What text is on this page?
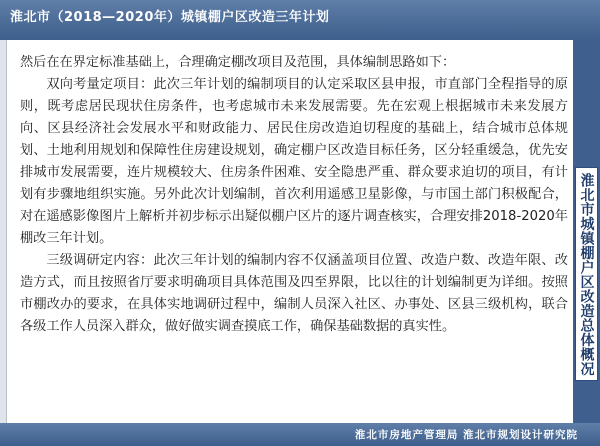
淮北市（2018—2020年）城镇棚户区改造三年计划

然后在在界定标准基础上，合理确定棚改项目及范围，具体编制思路如下：

双向考量定项目：此次三年计划的编制项目的认定采取区县申报，市直部门全程指导的原则，既考虑居民现状住房条件，也考虑城市未来发展需要。先在宏观上根据城市未来发展方向、区县经济社会发展水平和财政能力、居民住房改造迫切程度的基础上，结合城市总体规划、土地利用规划和保障性住房建设规划，确定棚户区改造目标任务，区分轻重缓急，优先安排城市发展需要，连片规模较大、住房条件困难、安全隐患严重、群众要求迫切的项目，有计划有步骤地组织实施。另外此次计划编制，首次利用遥感卫星影像，与市国土部门积极配合，对在遥感影像图片上解析并初步标示出疑似棚户区片的逐片调查核实，合理安排2018-2020年棚改三年计划。

三级调研定内容：此次三年计划的编制内容不仅涵盖项目位置、改造户数、改造年限、改造方式，而且按照省厅要求明确项目具体范围及四至界限，比以往的计划编制更为详细。按照市棚改办的要求，在具体实地调研过程中，编制人员深入社区、办事处、区县三级机构，联合各级工作人员深入群众，做好做实调查摸底工作，确保基础数据的真实性。	淮北市城镇棚户区改造总体概况
淮北市房地产管理局 淮北市规划设计研究院
